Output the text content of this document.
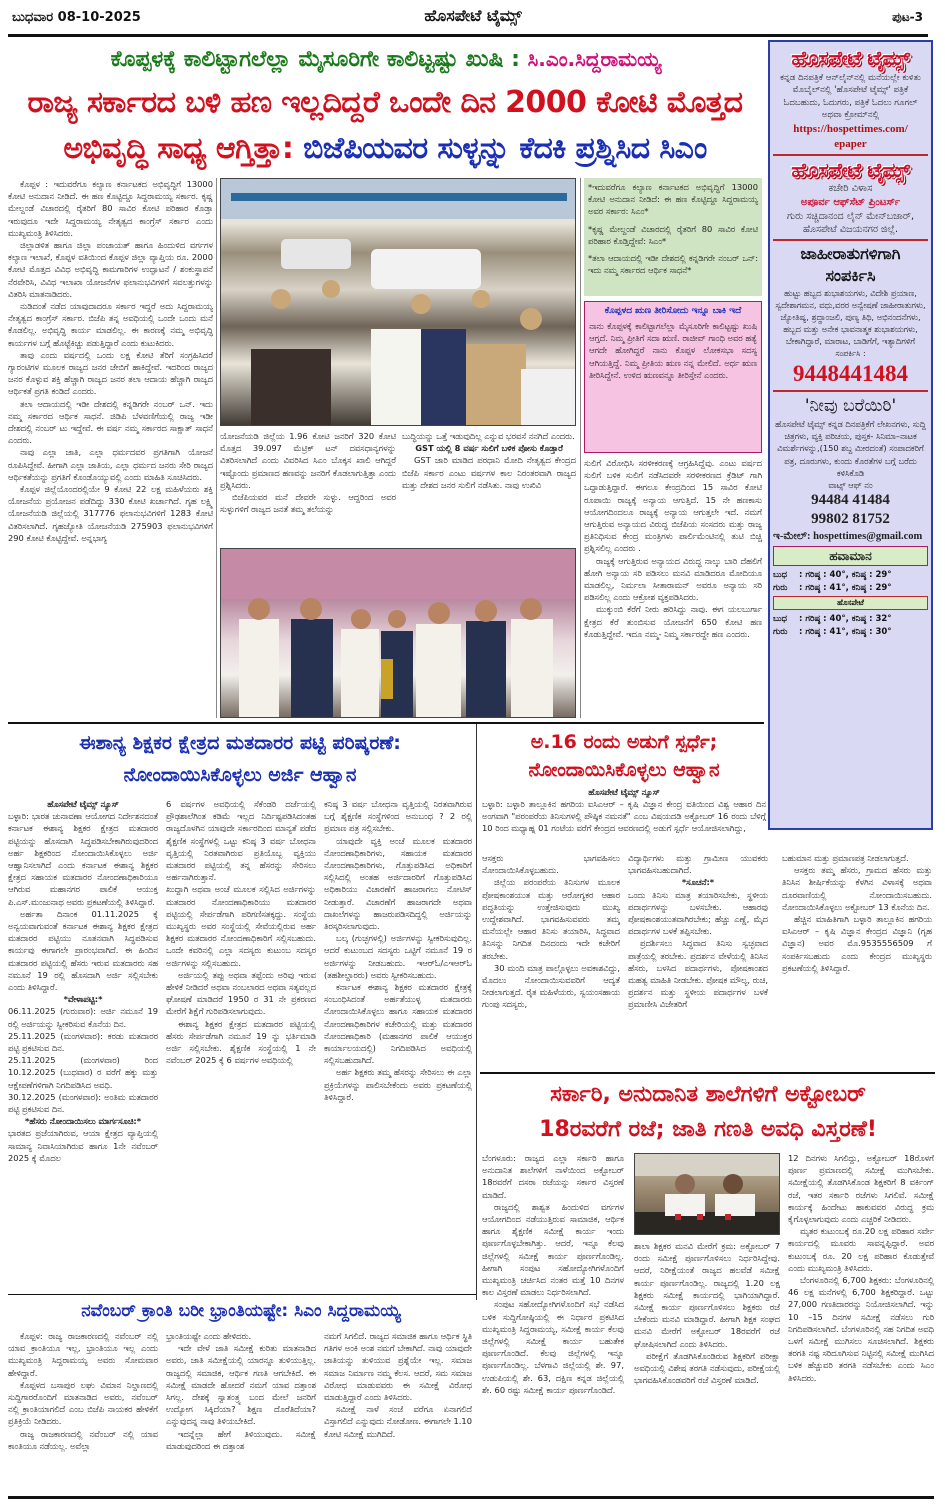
ಬುಧವಾರ 08-10-2025	ಹೊಸಪೇಟೆ ಟೈಮ್ಸ್	ಪುಟ-3
ಕೊಪ್ಪಳಕ್ಕೆ ಕಾಲಿಟ್ಟಾಗಲೆಲ್ಲಾ ಮೈಸೂರಿಗೇ ಕಾಲಿಟ್ಟಷ್ಟು ಖುಷಿ : ಸಿ.ಎಂ.ಸಿದ್ದರಾಮಯ್ಯ
ರಾಜ್ಯ ಸರ್ಕಾರದ ಬಳಿ ಹಣ ಇಲ್ಲದಿದ್ದರೆ ಒಂದೇ ದಿನ 2000 ಕೋಟಿ ಮೊತ್ತದ
ಅಭಿವೃದ್ಧಿ ಸಾಧ್ಯ ಆಗ್ತಿತ್ತಾ: ಬಿಜೆಪಿಯವರ ಸುಳ್ಳನ್ನು ಕೆದಕಿ ಪ್ರಶ್ನಿಸಿದ ಸಿಎಂ

ಕೊಪ್ಪಳ : ಇದುವರೆಗೂ ಕಲ್ಯಾಣ ಕರ್ನಾಟಕದ ಅಭಿವೃದ್ಧಿಗೆ 13000 ಕೋಟಿ ಅನುದಾನ ನೀಡಿದೆ. ಈ ಹಣ ಕೊಟ್ಟಿದ್ದೂ ಸಿದ್ದರಾಮಯ್ಯ ಸರ್ಕಾರ. ಕೃಷ್ಣ ಮೇಲ್ದಂಡೆ ವಿಚಾರದಲ್ಲಿ ರೈತರಿಗೆ 80 ಸಾವಿರ ಕೋಟಿ ಪರಿಹಾರ ಕೊಡ್ತಾ ಇರುವುದೂ ಇದೇ ಸಿದ್ದರಾಮಯ್ಯ ನೇತೃತ್ವದ ಕಾಂಗ್ರೆಸ್ ಸರ್ಕಾರ ಎಂದು ಮುಖ್ಯಮಂತ್ರಿ ತಿಳಿಸಿದರು.

ಜಿಲ್ಲಾಡಳಿತ ಹಾಗೂ ಜಿಲ್ಲಾ ಪಂಚಾಯತ್ ಹಾಗೂ ಹಿಂದುಳಿದ ವರ್ಗಗಳ ಕಲ್ಯಾಣ ಇಲಾಖೆ, ಕೊಪ್ಪಳ ವತಿಯಿಂದ ಕೊಪ್ಪಳ ಜಿಲ್ಲಾ ವ್ಯಾಪ್ತಿಯ ರೂ. 2000 ಕೋಟಿ ಮೊತ್ತದ ವಿವಿಧ ಅಭಿವೃದ್ಧಿ ಕಾಮಗಾರಿಗಳ ಉದ್ಘಾಟನೆ / ಶಂಕುಸ್ಥಾಪನೆ ನೆರವೇರಿಸಿ, ವಿವಿಧ ಇಲಾಖಾ ಯೋಜನೆಗಳ ಫಲಾನುಭವಿಗಳಿಗೆ ಸವಲತ್ತುಗಳನ್ನು ವಿತರಿಸಿ ಮಾತನಾಡಿದರು.

ನುಡಿದಂತೆ ನಡೆದ ಯಾವುದಾದರೂ ಸರ್ಕಾರ ಇದ್ದರೆ ಅದು ಸಿದ್ದರಾಮಯ್ಯ ನೇತೃತ್ವದ ಕಾಂಗ್ರೆಸ್ ಸರ್ಕಾರ. ಬಿಜೆಪಿ ತನ್ನ ಅವಧಿಯಲ್ಲಿ ಒಂದೇ ಒಂದು ಮನೆ ಕೊಡಲಿಲ್ಲ. ಅಭಿವೃದ್ಧಿ ಕಾರ್ಯ ಮಾಡಲಿಲ್ಲ. ಈ ಕಾರಣಕ್ಕೆ ನಮ್ಮ ಅಭಿವೃದ್ಧಿ ಕಾರ್ಯಗಳ ಬಗ್ಗೆ ಹೊಟ್ಟೆಕಿಚ್ಚು ಪಡುತ್ತಿದ್ದಾರೆ ಎಂದು ಕುಟುಕಿದರು.

ತಾವು ಎಂದು ವರ್ಷದಲ್ಲಿ ಒಂದು ಲಕ್ಷ ಕೋಟಿ ತೆರಿಗೆ ಸಂಗ್ರಹಿಸಿದರೆ ಗ್ಯಾರಂಟಿಗಳ ಮೂಲಕ ರಾಜ್ಯದ ಜನರ ಜೇಬಿಗೆ ಹಾಕಿದ್ದೇವೆ. ಇದರಿಂದ ರಾಜ್ಯದ ಜನರ ಕೊಳ್ಳುವ ಶಕ್ತಿ ಹೆಚ್ಚಾಗಿ ರಾಜ್ಯದ ಜನರ ತಲಾ ಆದಾಯ ಹೆಚ್ಚಾಗಿ ರಾಜ್ಯದ ಆರ್ಥಿಕತೆ ಪ್ರಗತಿ ಕಂಡಿದೆ ಎಂದರು.

ತಲಾ ಆದಾಯದಲ್ಲಿ ಇಡೀ ದೇಶದಲ್ಲಿ ಕನ್ನಡಿಗರೇ ನಂಬರ್ ಒನ್. ಇದು ನಮ್ಮ ಸರ್ಕಾರದ ಆರ್ಥಿಕ ಸಾಧನೆ. ಜಿಡಿಪಿ ಬೆಳವಣಿಗೆಯಲ್ಲಿ ರಾಜ್ಯ ಇಡೀ ದೇಶದಲ್ಲಿ ನಂಬರ್ ಟು ಇದ್ದೇವೆ. ಈ ವರ್ಷ ನಮ್ಮ ಸರ್ಕಾರದ ಸಾಕ್ಷಾತ್ ಸಾಧನೆ ಎಂದರು.

ನಾವು ಎಲ್ಲಾ ಜಾತಿ, ಎಲ್ಲಾ ಧರ್ಮದವರ ಪ್ರಗತಿಗಾಗಿ ಯೋಜನೆ ರೂಪಿಸಿದ್ದೇವೆ. ಹೀಗಾಗಿ ಎಲ್ಲಾ ಜಾತಿಯ, ಎಲ್ಲಾ ಧರ್ಮದ ಜನರು ಸೇರಿ ರಾಜ್ಯದ ಆರ್ಥಿಕತೆಯನ್ನು ಪ್ರಗತಿಗೆ ಕೊಂಡೊಯ್ಯುವಲ್ಲಿ ಎಂದು ಮಾಹಿತಿ ಸೂಚಿಸಿದರು.

ಕೊಪ್ಪಳ ಜಿಲ್ಲೆಯೊಂದರಲ್ಲಿಯೇ 9 ಕೋಟಿ 22 ಲಕ್ಷ ಮಹಿಳೆಯರು ಶಕ್ತಿ ಯೋಜನೆಯ ಪ್ರಯೋಜನ ಪಡೆದಿದ್ದು 330 ಕೋಟಿ ಖರ್ಚಾಗಿದೆ. ಗೃಹ ಲಕ್ಷ್ಮಿ ಯೋಜನೆಯಡಿ ಜಿಲ್ಲೆಯಲ್ಲಿ 317776 ಫಲಾನುಭವಿಗಳಿಗೆ 1283 ಕೋಟಿ ವಿತರಿಸಲಾಗಿದೆ. ಗೃಹಜ್ಯೋತಿ ಯೋಜನೆಯಡಿ 275903 ಫಲಾನುಭವಿಗಳಿಗೆ 290 ಕೋಟಿ ಕೊಟ್ಟಿದ್ದೇವೆ. ಅನ್ನಭಾಗ್ಯ

ಯೋಜನೆಯಡಿ ಜಿಲ್ಲೆಯ 1.96 ಕೋಟಿ ಜನರಿಗೆ 320 ಕೋಟಿ ಮೊತ್ತದ 39.097 ಮೆಟ್ರಿಕ್ ಟನ್ ದವಸಧಾನ್ಯಗಳನ್ನು ವಿತರಿಸಲಾಗಿದೆ ಎಂದು ವಿವರಿಸಿದ ಸಿಎಂ ಬೊಕ್ಕಸ ಖಾಲಿ ಆಗಿದ್ದರೆ ಇಷ್ಟೊಂದು ಪ್ರಮಾಣದ ಹಣವನ್ನು ಜನರಿಗೆ ಕೊಡಲಾಗುತ್ತಿತ್ತಾ ಎಂದು ಪ್ರಶ್ನಿಸಿದರು.

ಬಿಜೆಪಿಯವರ ಮನೆ ದೇವರೇ ಸುಳ್ಳು. ಆದ್ದರಿಂದ ಅವರ ಸುಳ್ಳುಗಳಿಗೆ ರಾಜ್ಯದ ಜನತೆ ತಮ್ಮ ತಲೆಯನ್ನು

ಬುದ್ಧಿಯನ್ನು ಒತ್ತೆ ಇಡುವುದಿಲ್ಲ ಎನ್ನುವ ಭರವಸೆ ನನಗಿದೆ ಎಂದರು.

GST ಯಲ್ಲಿ 8 ವರ್ಷ ಸುಲಿಗೆ ಬಳಿಕ ಪೋಸು ಕೊಡ್ತಾರೆ

GST ಜಾರಿ ಮಾಡಿದ ಪರಧಾನಿ ಮೋದಿ ನೇತೃತ್ವದ ಕೇಂದ್ರದ ಬಿಜೆಪಿ ಸರ್ಕಾರ ಎಂಟು ವರ್ಷಗಳ ಕಾಲ ನಿರಂತರವಾಗಿ ರಾಜ್ಯದ ಮತ್ತು ದೇಶದ ಜನರ ಸುಲಿಗೆ ನಡೆಸಿತು. ನಾವು ಉಖಿವಿ

*ಇದುವರೆಗೂ ಕಲ್ಯಾಣ ಕರ್ನಾಟಕದ ಅಭಿವೃದ್ಧಿಗೆ 13000 ಕೋಟಿ ಅನುದಾನ ನೀಡಿದೆ: ಈ ಹಣ ಕೊಟ್ಟಿದ್ದೂ ಸಿದ್ದರಾಮಯ್ಯ ಅವರ ಸರ್ಕಾರ: ಸಿಎಂ*

*ಕೃಷ್ಣ ಮೇಲ್ದಂಡೆ ವಿಚಾರದಲ್ಲಿ ರೈತರಿಗೆ 80 ಸಾವಿರ ಕೋಟಿ ಪರಿಹಾರ ಕೊಡ್ತಿದ್ದೇವೆ: ಸಿಎಂ*

*ತಲಾ ಆದಾಯದಲ್ಲಿ ಇಡೀ ದೇಶದಲ್ಲಿ ಕನ್ನಡಿಗರೇ ನಂಬರ್ ಒನ್: ಇದು ನಮ್ಮ ಸರ್ಕಾರದ ಆರ್ಥಿಕ ಸಾಧನೆ*

ಕೊಪ್ಪಳದ ಋಣ ತೀರಿಸೋದು ಇನ್ನೂ ಬಾಕಿ ಇದೆ

ನಾನು ಕೊಪ್ಪಳಕ್ಕೆ ಕಾಲಿಟ್ಟಾಗಲೆಲ್ಲಾ ಮೈಸೂರಿಗೇ ಕಾಲಿಟ್ಟಷ್ಟು ಖುಷಿ ಆಗ್ತದೆ. ನಿಮ್ಮ ಪ್ರೀತಿಗೆ ಸದಾ ಋಣಿ. ರಾಜೀವ್ ಗಾಂಧಿ ಅವರ ಹತ್ಯೆ ಆಗದೇ ಹೋಗಿದ್ದರೆ ನಾನು ಕೊಪ್ಪಳ ಲೋಕಸಭಾ ಸದಸ್ಯ ಆಗಿಯತ್ತಿದ್ದೆ. ನಿಮ್ಮ ಪ್ರೀತಿಯ ಋಣ ನನ್ನ ಮೇಲಿದೆ. ಅರ್ಧ ಋಣ ತೀರಿಸಿದ್ದೇನೆ. ಉಳಿದ ಋಣವನ್ನೂ ತೀರಿಸ್ತೇನೆ ಎಂದರು.

ಸುಲಿಗೆ ವಿರೋಧಿಸಿ ಸರಳೀಕರಣಕ್ಕೆ ಆಗ್ರಹಿಸಿದ್ದೆವು. ಎಂಟು ವರ್ಷದ ಸುಲಿಗೆ ಬಳಿಕ ಸುಲಿಗೆ ನಡೆಸಿದವರೇ ಸರಳೀಕರಣದ ಕ್ರೆಡಿಟ್ ಗಾಗಿ ಒದ್ದಾಡುತ್ತಿದ್ದಾರೆ. ಈಗಲೂ ಕೇಂದ್ರದಿಂದ 15 ಸಾವಿರ ಕೋಟಿ ರೂಪಾಯಿ ರಾಜ್ಯಕ್ಕೆ ಅನ್ಯಾಯ ಆಗುತ್ತಿದೆ. 15 ನೇ ಹಣಕಾಸು ಆಯೋಗದಿಂದಲೂ ರಾಜ್ಯಕ್ಕೆ ಅನ್ಯಾಯ ಆಗುತ್ತಲೇ ಇದೆ. ನಮಗೆ ಆಗುತ್ತಿರುವ ಅನ್ಯಾಯದ ವಿರುದ್ಧ ಬಿಜೆಪಿಯ ಸಂಸದರು ಮತ್ತು ರಾಜ್ಯ ಪ್ರತಿನಿಧಿಸುವ ಕೇಂದ್ರ ಮಂತ್ರಿಗಳು ಪಾರ್ಲಿಮೆಂಟಿನಲ್ಲಿ ತುಟಿ ಬಿಚ್ಚಿ ಪ್ರಶ್ನಿಸಲಿಲ್ಲ ಎಂದರು .

ರಾಜ್ಯಕ್ಕೆ ಆಗುತ್ತಿರುವ ಅನ್ಯಾಯದ ವಿರುದ್ಧ ನಾಲ್ಕು ಬಾರಿ ದೆಹಲಿಗೆ ಹೋಗಿ ಅನ್ಯಾಯ ಸರಿ ಪಡಿಸಲು ಮನವಿ ಮಾಡಿದರೂ ಮೋದಿಯೂ ಮಾಡಲಿಲ್ಲ, ನಿರ್ಮಲಾ ಸೀತಾರಾಮನ್ ಅವರೂ ಅನ್ಯಾಯ ಸರಿ ಪಡಿಸಲಿಲ್ಲ ಎಂದು ಆಕ್ರೋಶ ವ್ಯಕ್ತಪಡಿಸಿದರು.

ಮುಕ್ಕುಂಬಿ ಕೆರೆಗೆ ನೀರು ಹರಿಸಿದ್ದು ನಾವು. ಈಗ ಯಲಬುರ್ಗಾ ಕ್ಷೇತ್ರದ ಕೆರೆ ತುಂಬಿಸುವ ಯೋಜನೆಗೆ 650 ಕೋಟಿ ಹಣ ಕೊಡುತ್ತಿದ್ದೇವೆ. ಇದೂ ನಮ್ಮ- ನಿಮ್ಮ ಸರ್ಕಾರದ್ದೇ ಹಣ ಎಂದರು.

ಹೊಸಪೇಟೆ ಟೈಮ್ಸ್
ಕನ್ನಡ ದಿನಪತ್ರಿಕೆ ಆನ್‌ಲೈನ್‌ನಲ್ಲಿ ಮನೆಯಲ್ಲೇ ಕುಳಿತು ಮೊಬೈಲ್‌ನಲ್ಲಿ 'ಹೊಸಪೇಟೆ ಟೈಮ್ಸ್' ಪತ್ರಿಕೆ ಓದಬಹುದು, ಓದುಗರು, ಪತ್ರಿಕೆ ಓದಲು ಗೂಗಲ್ ಅಥವಾ ಕ್ರೋಮ್‌ನಲ್ಲಿ
https://hospettimes.com/
epaper
ಹೊಸಪೇಟೆ ಟೈಮ್ಸ್
ಕಚೇರಿ ವಿಳಾಸ
ಅಪೂರ್ವ ಆಫ್‌ಸೆಟ್ ಪ್ರಿಂಟರ್ಸ್
ಗುರು ಸಚ್ಚಿದಾನಂದ ಲೈನ್ ಮೇನ್‌ಬಜಾರ್, ಹೊಸಪೇಟೆ ವಿಜಯನಗರ ಜಿಲ್ಲೆ.
ಜಾಹೀರಾತುಗಳಿಗಾಗಿ
ಸಂಪರ್ಕಿಸಿ
ಹುಟ್ಟು ಹಬ್ಬದ ಶುಭಾಶಯಗಳು, ವಿದೇಶಿ ಪ್ರಯಾಣ, ಸ್ವದೇಶಾಗಮನ, ವಧು,ವರರ ಅನ್ವೇಷಣೆ ಜಾಹೀರಾತುಗಳು, ಜ್ಯೋತಿಷ್ಯ, ಶ್ರದ್ಧಾಂಜಲಿ, ಪುಣ್ಯ ತಿಥಿ, ಅಭಿನಂದನೆಗಳು, ಹಬ್ಬದ ಮತ್ತು ಅನೇಕ ಭಾವನಾತ್ಮಕ ಶುಭಾಶಯಗಳು, ಬೇಕಾಗಿದ್ದಾರೆ, ಮಾರಾಟ, ಬಾಡಿಗೆಗೆ, ಇತ್ಯಾದಿಗಳಿಗೆ
ಸಂಪರ್ಕಿಸಿ :
9448441484
'ನೀವು ಬರೆಯಿರಿ'
ಹೊಸಪೇಟೆ ಟೈಮ್ಸ್ ಕನ್ನಡ ದಿನಪತ್ರಿಕೆಗೆ ಲೇಖನಗಳು, ಸುದ್ದಿ ಚಿತ್ರಗಳು, ವ್ಯಕ್ತಿ ಪರಿಚಯ, ಪುಸ್ತಕ- ಸಿನಿಮಾ–ನಾಟಕ ವಿಮರ್ಶೆಗಳನ್ನು,(150 ಶಬ್ದ ಮೀರದಂತೆ) ಸಂಪಾದಕರಿಗೆ ಪತ್ರ, ದೂರುಗಳು, ಕುಂದು ಕೊರತೆಗಳ ಬಗ್ಗೆ ಬರೆದು ಕಳಿಸಿಕೊಡಿ
ವಾಟ್ಸ್ ಆಫ್ ನಂ
94484 41484
99802 81752
ಇ-ಮೇಲ್: hospettimes@gmail.com
ಹವಾಮಾನ
ಬುಧ : ಗರಿಷ್ಠ : 40°, ಕನಿಷ್ಠ : 29°
ಗುರು : ಗರಿಷ್ಠ : 41°, ಕನಿಷ್ಠ : 29°
ಹೊಸಪೇಟೆ
ಬುಧ : ಗರಿಷ್ಠ : 40°, ಕನಿಷ್ಠ : 32°
ಗುರು : ಗರಿಷ್ಠ : 41°, ಕನಿಷ್ಠ : 30°
ಈಶಾನ್ಯ ಶಿಕ್ಷಕರ ಕ್ಷೇತ್ರದ ಮತದಾರರ ಪಟ್ಟಿ ಪರಿಷ್ಕರಣೆ:
ನೋಂದಾಯಿಸಿಕೊಳ್ಳಲು ಅರ್ಜಿ ಆಹ್ವಾನ

ಹೊಸಪೇಟೆ ಟೈಮ್ಸ್ ನ್ಯೂಸ್

ಬಳ್ಳಾರಿ: ಭಾರತ ಚುನಾವಣಾ ಆಯೋಗದ ನಿರ್ದೇಶನದಂತೆ ಕರ್ನಾಟಕ ಈಶಾನ್ಯ ಶಿಕ್ಷಕರ ಕ್ಷೇತ್ರದ ಮತದಾರರ ಪಟ್ಟಿಯನ್ನು ಹೊಸದಾಗಿ ಸಿದ್ಧಪಡಿಸಬೇಕಾಗಿರುವುದರಿಂದ ಅರ್ಹ ಶಿಕ್ಷಕರಿಂದ ನೋಂದಾಯಿಸಿಕೊಳ್ಳಲು ಅರ್ಜಿ ಆಹ್ವಾನಿಸಲಾಗಿದೆ ಎಂದು ಕರ್ನಾಟಕ ಈಶಾನ್ಯ ಶಿಕ್ಷಕರ ಕ್ಷೇತ್ರದ ಸಹಾಯಕ ಮತದಾರರ ನೋಂದಣಾಧಿಕಾರಿಯೂ ಆಗಿರುವ ಮಹಾನಗರ ಪಾಲಿಕೆ ಆಯುಕ್ತ ಪಿ.ಎಸ್.ಮಂಜುನಾಥ ಅವರು ಪ್ರಕಟಣೆಯಲ್ಲಿ ತಿಳಿಸಿದ್ದಾರೆ.

ಅರ್ಹತಾ ದಿನಾಂಕ 01.11.2025 ಕ್ಕೆ ಅನ್ವಯವಾಗುವಂತೆ ಕರ್ನಾಟಕ ಈಶಾನ್ಯ ಶಿಕ್ಷಕರ ಕ್ಷೇತ್ರದ ಮತದಾರರ ಪಟ್ಟಿಯು ನೂತನವಾಗಿ ಸಿದ್ಧಪಡಿಸುವ ಕಾರ್ಯವು ಈಗಾಗಲೇ ಪ್ರಾರಂಭವಾಗಿದೆ. ಈ ಹಿಂದಿನ ಮತದಾರರ ಪಟ್ಟಿಯಲ್ಲಿ ಹೆಸರು ಇರುವ ಮತದಾರರು ಸಹ ನಮೂನೆ 19 ರಲ್ಲಿ ಹೊಸದಾಗಿ ಅರ್ಜಿ ಸಲ್ಲಿಸಬೇಕು ಎಂದು ತಿಳಿಸಿದ್ದಾರೆ.

*ವೇಳಾಪಟ್ಟಿ:*

06.11.2025 (ಗುರುವಾರ): ಅರ್ಜಿ ನಮೂನೆ 19 ರಲ್ಲಿ ಅರ್ಜಿಯನ್ನು ಸ್ವೀಕರಿಸುವ ಕೊನೆಯ ದಿನ.

25.11.2025 (ಮಂಗಳವಾರ): ಕರಡು ಮತದಾರರ ಪಟ್ಟಿ ಪ್ರಕಟಿಸುವ ದಿನ.

25.11.2025 (ಮಂಗಳವಾರ) ರಿಂದ 10.12.2025 (ಬುಧವಾರ) ರ ವರೆಗೆ ಹಕ್ಕು ಮತ್ತು ಆಕ್ಷೇಪಣೆಗಳಿಗಾಗಿ ನಿಗದಿಪಡಿಸಿದ ಅವಧಿ.

30.12.2025 (ಮಂಗಳವಾರ): ಅಂತಿಮ ಮತದಾರರ ಪಟ್ಟಿ ಪ್ರಕಟಿಸುವ ದಿನ.

*ಹೆಸರು ನೋಂದಾಯಿಸಲು ಮಾರ್ಗಸೂಚಿ:*

ಭಾರತದ ಪ್ರಜೆಯಾಗಿರುವ, ಆಯಾ ಕ್ಷೇತ್ರದ ವ್ಯಾಪ್ತಿಯಲ್ಲಿ ಸಾಮಾನ್ಯ ನಿವಾಸಿಯಾಗಿರುವ ಹಾಗೂ 1ನೇ ನವೆಂಬರ್ 2025 ಕ್ಕೆ ಮೊದಲ

6 ವರ್ಷಗಳ ಅವಧಿಯಲ್ಲಿ ಸೆಕೆಂಡರಿ ದರ್ಜೆಯಲ್ಲಿ ಪ್ರೌಢಶಾಲೆಗಿಂತ ಕಡಿಮೆ ಇಲ್ಲದ ನಿರ್ದಿಷ್ಟಪಡಿಸಿದಂತಹ ರಾಜ್ಯದೊಳಗಿನ ಯಾವುದೇ ಸರ್ಕಾರದಿಂದ ಮಾನ್ಯತೆ ಪಡೆದ ಶೈಕ್ಷಣಿಕ ಸಂಸ್ಥೆಗಳಲ್ಲಿ ಒಟ್ಟು ಕನಿಷ್ಠ 3 ವರ್ಷ ಬೋಧನಾ ವೃತ್ತಿಯಲ್ಲಿ ನಿರತವಾಗಿರುವ ಪ್ರತಿಯೊಬ್ಬ ವ್ಯಕ್ತಿಯು ಮತದಾರರ ಪಟ್ಟಿಯಲ್ಲಿ ತನ್ನ ಹೆಸರನ್ನು ಸೇರಿಸಲು ಅರ್ಹನಾಗಿರುತ್ತಾನೆ.

ಖುದ್ದಾಗಿ ಅಥವಾ ಅಂಚೆ ಮೂಲಕ ಸಲ್ಲಿಸಿದ ಅರ್ಜಿಗಳನ್ನು ಮತದಾರರ ನೋಂದಣಾಧಿಕಾರಿಯು ಮತದಾರರ ಪಟ್ಟಿಯಲ್ಲಿ ಸೇರ್ಪಡೆಗಾಗಿ ಪರಿಗಣಿಸತಕ್ಕದ್ದು. ಸಂಸ್ಥೆಯ ಮುಖ್ಯಸ್ಥರು ಅವರ ಸಂಸ್ಥೆಯಲ್ಲಿ ಸೇವೆಯಲ್ಲಿರುವ ಅರ್ಹ ಶಿಕ್ಷಕರ ಮತದಾರರ ನೋಂದಣಾಧಿಕಾರಿಗೆ ಸಲ್ಲಿಸಬಹುದು. ಒಂದೇ ಕವರಿನಲ್ಲಿ ಎಲ್ಲಾ ಸದಸ್ಯರು ಕುಟುಂಬ ಸದಸ್ಯರ ಅರ್ಜಿಗಳನ್ನು ಸಲ್ಲಿಸಬಹುದು.

ಅರ್ಜಿಯಲ್ಲಿ ತಪ್ಪು ಅಥವಾ ತಪ್ಪೆಂದು ಅರಿವು ಇರುವ ಹೇಳಿಕೆ ನೀಡಿದರೆ ಅಥವಾ ನಂಬಲಾರದ ಅಥವಾ ಸತ್ಯವಲ್ಲದ ಘೋಷಣೆ ಮಾಡಿದರೆ 1950 ರ 31 ನೇ ಪ್ರಕರಣದ ಮೇರೆಗೆ ಶಿಕ್ಷೆಗೆ ಗುರಿಪಡಿಸಲಾಗುವುದು.

ಈಶಾನ್ಯ ಶಿಕ್ಷಕರ ಕ್ಷೇತ್ರದ ಮತದಾರರ ಪಟ್ಟಿಯಲ್ಲಿ ಹೆಸರು ಸೇರ್ಪಡೆಗಾಗಿ ನಮೂನೆ 19 ನ್ನು ಭರ್ತಿಮಾಡಿ ಅರ್ಜಿ ಸಲ್ಲಿಸಬೇಕು. ಶೈಕ್ಷಣಿಕ ಸಂಸ್ಥೆಯಲ್ಲಿ 1 ನೇ ನವೆಂಬರ್ 2025 ಕ್ಕೆ 6 ವರ್ಷಗಳ ಅವಧಿಯಲ್ಲಿ

ಕನಿಷ್ಠ 3 ವರ್ಷ ಬೋಧನಾ ವೃತ್ತಿಯಲ್ಲಿ ನಿರತವಾಗಿರುವ ಬಗ್ಗೆ ಶೈಕ್ಷಣಿಕ ಸಂಸ್ಥೆಗಳಿಂದ ಅನುಬಂಧ ? 2 ರಲ್ಲಿ ಪ್ರಮಾಣ ಪತ್ರ ಸಲ್ಲಿಸಬೇಕು.

ಯಾವುದೇ ವ್ಯಕ್ತಿ ಅಂಚೆ ಮೂಲಕ ಮತದಾರರ ನೋಂದಣಾಧಿಕಾರಿಗಳು, ಸಹಾಯಕ ಮತದಾರರ ನೋಂದಣಾಧಿಕಾರಿಗಳು, ಗೊತ್ತುಪಡಿಸಿದ ಅಧಿಕಾರಿಗೆ ಸಲ್ಲಿಸಿದಲ್ಲಿ ಅಂತಹ ಅರ್ಜಿದಾರರಿಗೆ ಗೊತ್ತುಪಡಿಸಿದ ಅಧಿಕಾರಿಯು ವಿಚಾರಣೆಗೆ ಹಾಜರಾಗಲು ನೋಟಿಸ್ ನೀಡುತ್ತಾರೆ. ವಿಚಾರಣೆಗೆ ಹಾಜರಾಗದೇ ಅಥವಾ ದಾಖಲೆಗಳನ್ನು ಹಾಜರುಪಡಿಸದಿದ್ದಲ್ಲಿ ಅರ್ಜಿಯನ್ನು ತಿರಸ್ಕರಿಸಲಾಗುವುದು.

ಬಲ್ಕ (ಗುಚ್ಛಗಳಲ್ಲಿ) ಅರ್ಜಿಗಳನ್ನು ಸ್ವೀಕರಿಸುವುದಿಲ್ಲ. ಆದರೆ ಕುಟುಂಬದ ಸದಸ್ಯರು ಒಟ್ಟಿಗೆ ನಮೂನೆ 19 ರ ಅರ್ಜಿಗಳನ್ನು ನೀಡಬಹುದು. ಇಆರ್‌ಓ/ಎಇಆರ್‌ಓ (ತಹಶೀಲ್ದಾರರು) ಅವರು ಸ್ವೀಕರಿಸಬಹುದು.

ಕರ್ನಾಟಕ ಈಶಾನ್ಯ ಶಿಕ್ಷಕರ ಮತದಾರರ ಕ್ಷೇತ್ರಕ್ಕೆ ಸಂಬಂಧಿಸಿದಂತೆ ಅರ್ಹತೆಯುಳ್ಳ ಮತದಾರರು ನೋಂದಾಯಿಸಿಕೊಳ್ಳಲು ಹಾಗೂ ಸಹಾಯಕ ಮತದಾರರ ನೋಂದಣಾಧಿಕಾರಿಗಳ ಕಚೇರಿಯಲ್ಲಿ ಮತ್ತು ಮತದಾರರ ನೋಂದಣಾಧಿಕಾರಿ (ಮಹಾನಗರ ಪಾಲಿಕೆ ಆಯುಕ್ತರ ಕಾರ್ಯಾಲಯದಲ್ಲಿ) ನಿಗದಿಪಡಿಸಿದ ಅವಧಿಯಲ್ಲಿ ಸಲ್ಲಿಸಬಹುದಾಗಿದೆ.

ಅರ್ಹ ಶಿಕ್ಷಕರು ತಮ್ಮ ಹೆಸರನ್ನು ಸೇರಿಸಲು ಈ ಎಲ್ಲಾ ಪ್ರಕ್ರಿಯೆಗಳನ್ನು ಪಾಲಿಸಬೇಕೆಂದು ಅವರು ಪ್ರಕಟಣೆಯಲ್ಲಿ ತಿಳಿಸಿದ್ದಾರೆ.

ಅ.16 ರಂದು ಅಡುಗೆ ಸ್ಪರ್ಧೆ;
ನೋಂದಾಯಿಸಿಕೊಳ್ಳಲು ಆಹ್ವಾನ
ಹೊಸಪೇಟೆ ಟೈಮ್ಸ್ ನ್ಯೂಸ್
ಬಳ್ಳಾರಿ: ಬಳ್ಳಾರಿ ತಾಲ್ಲೂಕಿನ ಹಗರಿಯ ಐಸಿಎಆರ್ – ಕೃಷಿ ವಿಜ್ಞಾನ ಕೇಂದ್ರ ವತಿಯಿಂದ ವಿಶ್ವ ಆಹಾರ ದಿನ ಅಂಗವಾಗಿ "ಪರಂಪರೆಯ ತಿನಿಸುಗಳಲ್ಲಿ ಪೌಷ್ಠಿಕ ನಮನತೆ" ಎಂಬ ವಿಷಯದಡಿ ಅಕ್ಟೋಬರ್ 16 ರಂದು ಬೆಳಿಗ್ಗೆ 10 ರಿಂದ ಮಧ್ಯಾಹ್ನ 01 ಗಂಟೆಯ ವರೆಗೆ ಕೇಂದ್ರದ ಆವರಣದಲ್ಲಿ ಅಡುಗೆ ಸ್ಪರ್ಧೆ ಆಯೋಜಿಸಲಾಗಿದ್ದು,

ಆಸಕ್ತರು ಭಾಗವಹಿಸಲು ನೋಂದಾಯಿಸಿಕೊಳ್ಳಬಹುದು.

ಜಿಲ್ಲೆಯ ಪರಂಪರೆಯ ತಿನಿಸುಗಳ ಮೂಲಕ ಪೋಷಕಾಂಶಯುತ ಮತ್ತು ಆರೋಗ್ಯಕರ ಆಹಾರ ಪದ್ಧತಿಯನ್ನು ಉತ್ತೇಜಿಸುವುದು ಮುಖ್ಯ ಉದ್ದೇಶವಾಗಿದೆ. ಭಾಗವಹಿಸುವವರು ತಮ್ಮ ಮನೆಯಲ್ಲೇ ಆಹಾರ ತಿನಿಸು ತಯಾರಿಸಿ, ಸಿದ್ಧವಾದ ತಿನಿಸನ್ನು ನಿಗದಿತ ದಿನದಂದು ಇದೇ ಕಚೇರಿಗೆ ತರಬೇಕು.

30 ಮಂದಿ ಮಾತ್ರ ಪಾಲ್ಗೊಳ್ಳಲು ಅವಕಾಶವಿದ್ದು, ಮೊದಲು ನೋಂದಾಯಿಸುವವರಿಗೆ ಆದ್ಯತೆ ನೀಡಲಾಗುತ್ತದೆ. ರೈತ ಮಹಿಳೆಯರು, ಸ್ವಯಂಸಹಾಯ ಗುಂಪು ಸದಸ್ಯರು,

ವಿದ್ಯಾರ್ಥಿಗಳು ಮತ್ತು ಗ್ರಾಮೀಣ ಯುವಕರು ಭಾಗವಹಿಸಬಹುದಾಗಿದೆ.

*ಸೂಚನೆ:*

ಒಂದು ತಿನಿಸು ಮಾತ್ರ ತಯಾರಿಸಬೇಕು, ಸ್ಥಳೀಯ ಪದಾರ್ಥಗಳನ್ನು ಬಳಸಬೇಕು. ಆಹಾರವು ಪೋಷಕಾಂಶಯುತವಾಗಿರಬೇಕು; ಹೆಚ್ಚು ಎಣ್ಣೆ, ಮೈದ ಪದಾರ್ಥಗಳ ಬಳಕೆ ತಪ್ಪಿಸಬೇಕು.

ಪ್ರದರ್ಶಿಸಲು ಸಿದ್ಧವಾದ ತಿನಿಸು ಸ್ವಚ್ಛವಾದ ಪಾತ್ರೆಯಲ್ಲಿ ತರಬೇಕು. ಪ್ರದರ್ಶನ ವೇಳೆಯಲ್ಲಿ ತಿನಿಸಿನ ಹೆಸರು, ಬಳಸಿದ ಪದಾರ್ಥಗಳು, ಪೋಷಕಾಂಶದ ಮಹತ್ವ ಮಾಹಿತಿ ನೀಡಬೇಕು. ಪೋಷಕ ಮೌಲ್ಯ, ರುಚಿ, ಪ್ರದರ್ಶನ ಮತ್ತು ಸ್ಥಳೀಯ ಪದಾರ್ಥಗಳ ಬಳಕೆ ಪ್ರಮಾಣೀಸಿ ವಿಜೇತರಿಗೆ

ಬಹುಮಾನ ಮತ್ತು ಪ್ರಮಾಣಪತ್ರ ನೀಡಲಾಗುತ್ತದೆ.

ಆಸಕ್ತರು ತಮ್ಮ ಹೆಸರು, ಗ್ರಾಮದ ಹೆಸರು ಮತ್ತು ತಿನಿಸಿನ ಶೀರ್ಷಿಕೆಯನ್ನು ಕೆಳಗಿನ ವಿಳಾಸಕ್ಕೆ ಅಥವಾ ದೂರವಾಣಿಯಲ್ಲಿ ನೋಂದಾಯಿಸಬಹುದು. ನೋಂದಾಯಿಸಿಕೊಳ್ಳಲು ಅಕ್ಟೋಬರ್ 13 ಕೊನೆಯ ದಿನ.

ಹೆಚ್ಚಿನ ಮಾಹಿತಿಗಾಗಿ ಬಳ್ಳಾರಿ ತಾಲ್ಲೂಕಿನ ಹಗರಿಯ ಐಸಿಎಆರ್ – ಕೃಷಿ ವಿಜ್ಞಾನ ಕೇಂದ್ರದ ವಿಜ್ಞಾನಿ (ಗೃಹ ವಿಜ್ಞಾನ) ಅವರ ಮೊ.9535556509 ಗೆ ಸಂಪರ್ಕಿಸಬಹುದು ಎಂದು ಕೇಂದ್ರದ ಮುಖ್ಯಸ್ಥರು ಪ್ರಕಟಣೆಯಲ್ಲಿ ತಿಳಿಸಿದ್ದಾರೆ.

ಸರ್ಕಾರಿ, ಅನುದಾನಿತ ಶಾಲೆಗಳಿಗೆ ಅಕ್ಟೋಬರ್
18ರವರೆಗೆ ರಜೆ; ಜಾತಿ ಗಣತಿ ಅವಧಿ ವಿಸ್ತರಣೆ!

ಬೆಂಗಳೂರು: ರಾಜ್ಯದ ಎಲ್ಲಾ ಸರ್ಕಾರಿ ಹಾಗೂ ಅನುದಾನಿತ ಶಾಲೆಗಳಿಗೆ ನಾಳೆಯಿಂದ ಅಕ್ಟೋಬರ್ 18ರವರೆಗೆ ದಸರಾ ರಜೆಯನ್ನು ಸರ್ಕಾರ ವಿಸ್ತರಣೆ ಮಾಡಿದೆ.

ರಾಜ್ಯದಲ್ಲಿ ಶಾಶ್ವತ ಹಿಂದುಳಿದ ವರ್ಗಗಳ ಆಯೋಗದಿಂದ ನಡೆಯುತ್ತಿರುವ ಸಾಮಾಜಿಕ, ಆರ್ಥಿಕ ಹಾಗೂ ಶೈಕ್ಷಣಿಕ ಸಮೀಕ್ಷೆ ಕಾರ್ಯ ಇಂದು ಪೂರ್ಣಗೊಳ್ಳಬೇಕಾಗಿತ್ತು. ಆದರೆ, ಇನ್ನೂ ಕೆಲವು ಜಿಲ್ಲೆಗಳಲ್ಲಿ ಸಮೀಕ್ಷೆ ಕಾರ್ಯ ಪೂರ್ಣಗೊಂಡಿಲ್ಲ. ಹೀಗಾಗಿ ಸಂಪುಟ ಸಹೋದ್ಯೋಗಿಗಳೊಂದಿಗೆ ಮುಖ್ಯಮಂತ್ರಿ ಚರ್ಚಿಸಿದ ನಂತರ ಮತ್ತೆ 10 ದಿನಗಳ ಕಾಲ ವಿಸ್ತರಣೆ ಮಾಡಲು ನಿರ್ಧರಿಸಲಾಗಿದೆ.

ಸಂಪುಟ ಸಹೋದ್ಯೋಗಿಗಳೊಂದಿಗೆ ಸಭೆ ನಡೆಸಿದ ಬಳಿಕ ಸುದ್ದಿಗೋಷ್ಠಿಯಲ್ಲಿ ಈ ನಿರ್ಧಾರ ಪ್ರಕಟಿಸಿದ ಮುಖ್ಯಮಂತ್ರಿ ಸಿದ್ದರಾಮಯ್ಯ, ಸಮೀಕ್ಷೆ ಕಾರ್ಯ ಕೆಲವು ಜಿಲ್ಲೆಗಳಲ್ಲಿ ಸಮೀಕ್ಷೆ ಕಾರ್ಯ ಬಹುತೇಕ ಪೂರ್ಣಗೊಂಡಿದೆ. ಕೆಲವು ಜಿಲ್ಲೆಗಳಲ್ಲಿ ಇನ್ನೂ ಪೂರ್ಣಗೊಂಡಿಲ್ಲ. ಬೆಳಗಾವಿ ಜಿಲ್ಲೆಯಲ್ಲಿ ಶೇ. 97, ಉಡುಪಿಯಲ್ಲಿ ಶೇ. 63, ದಕ್ಷಿಣ ಕನ್ನಡ ಜಿಲ್ಲೆಯಲ್ಲಿ ಶೇ. 60 ರಷ್ಟು ಸಮೀಕ್ಷೆ ಕಾರ್ಯ ಪೂರ್ಣಗೊಂಡಿದೆ.

ಶಾಲಾ ಶಿಕ್ಷಕರ ಮನವಿ ಮೇರೆಗೆ ಕ್ರಮ: ಅಕ್ಟೋಬರ್ 7 ರಂದು ಸಮೀಕ್ಷೆ ಪೂರ್ಣಗೊಳಿಸಲು ನಿರ್ಧರಿಸಿದ್ದೇವು. ಆದರೆ, ನಿರೀಕ್ಷೆಯಂತೆ ರಾಜ್ಯದ ಹಲವೆಡೆ ಸಮೀಕ್ಷೆ ಕಾರ್ಯ ಪೂರ್ಣಗೊಂಡಿಲ್ಲ. ರಾಜ್ಯದಲ್ಲಿ 1.20 ಲಕ್ಷ ಶಿಕ್ಷಕರು ಸಮೀಕ್ಷೆ ಕಾರ್ಯದಲ್ಲಿ ಭಾಗಿಯಾಗಿದ್ದಾರೆ. ಸಮೀಕ್ಷೆ ಕಾರ್ಯ ಪೂರ್ಣಗೊಳಿಸಲು ಶಿಕ್ಷಕರು ರಜೆ ಬೇಕೆಂದು ಮನವಿ ಮಾಡಿದ್ದಾರೆ. ಹೀಗಾಗಿ ಶಿಕ್ಷಕ ಸಂಘದ ಮನವಿ ಮೇರೆಗೆ ಅಕ್ಟೋಬರ್ 18ರವರೆಗೆ ರಜೆ ಘೋಷಿಸಲಾಗಿದೆ ಎಂದು ತಿಳಿಸಿದರು.

ಪರೀಕ್ಷೆಗೆ ತೊಡಗಿಸಿಕೊಂಡಿರುವ ಶಿಕ್ಷಕರಿಗೆ ಪರೀಕ್ಷಾ ಅವಧಿಯಲ್ಲಿ ವಿಶೇಷ ತರಗತಿ ನಡೆಸುವುದು, ಪರೀಕ್ಷೆಯಲ್ಲಿ ಭಾಗವಹಿಸಿಕೊಂಡವರಿಗೆ ರಜೆ ವಿಸ್ತರಣೆ ಮಾಡಿದೆ.

12 ದಿನಗಳು ಸಿಗಲಿದ್ದು, ಅಕ್ಟೋಬರ್ 18ರೊಳಗೆ ಪೂರ್ಣ ಪ್ರಮಾಣದಲ್ಲಿ ಸಮೀಕ್ಷೆ ಮುಗಿಸಬೇಕು. ಸಮೀಕ್ಷೆಯಲ್ಲಿ ತೊಡಗಿಸಿಕೊಂಡ ಶಿಕ್ಷಕರಿಗೆ 8 ವರ್ಕಿಂಗ್ ರಜೆ, ಇತರ ಸರ್ಕಾರಿ ರಜೆಗಳು ಸಿಗಲಿವೆ. ಸಮೀಕ್ಷೆ ಕಾರ್ಯಕ್ಕೆ ಹಿಂದೇಟು ಹಾಕುವವರ ವಿರುದ್ಧ ಕ್ರಮ ಕೈಗೊಳ್ಳಲಾಗುವುದು ಎಂದು ಎಚ್ಚರಿಕೆ ನೀಡಿದರು.

ಮೃತರ ಕುಟುಂಬಕ್ಕೆ ರೂ.20 ಲಕ್ಷ ಪರಿಹಾರ ಸರ್ವೇ ಕಾರ್ಯದಲ್ಲಿ ಮೂವರು ಸಾವನ್ನಪ್ಪಿದ್ದಾರೆ. ಅವರ ಕುಟುಂಬಕ್ಕೆ ರೂ. 20 ಲಕ್ಷ ಪರಿಹಾರ ಕೊಡುತ್ತೇವೆ ಎಂದು ಮುಖ್ಯಮಂತ್ರಿ ತಿಳಿಸಿದರು.

ಬೆಂಗಳೂರಿನಲ್ಲಿ 6,700 ಶಿಕ್ಷಕರು: ಬೆಂಗಳೂರಿನಲ್ಲಿ 46 ಲಕ್ಷ ಮನೆಗಳಲ್ಲಿ 6,700 ಶಿಕ್ಷಕರಿದ್ದಾರೆ. ಒಟ್ಟು 27,000 ಗಣತಿದಾರರನ್ನು ನಿಯೋಜಿಸಲಾಗಿದೆ. ಇನ್ನು 10 –15 ದಿನಗಳ ಸಮೀಕ್ಷೆ ನಡೆಸಲು ಗುರಿ ನಿಗದಿಪಡಿಸಲಾಗಿದೆ. ಬೆಂಗಳೂರಿನಲ್ಲಿ ಸಹ ನಿಗದಿತ ಅವಧಿ ಒಳಗೆ ಸಮೀಕ್ಷೆ ಮುಗಿಸಲು ಸೂಚಿಸಲಾಗಿದೆ. ಶಿಕ್ಷಕರು ತರಗತಿ ನಷ್ಟ ಸರಿದೂಗಿಸುವ ನಿಟ್ಟಿನಲ್ಲಿ ಸಮೀಕ್ಷೆ ಮುಗಿಸಿದ ಬಳಿಕ ಹೆಚ್ಚುವರಿ ತರಗತಿ ನಡೆಸಬೇಕು ಎಂದು ಸಿಎಂ ತಿಳಿಸಿದರು.

ನವೆಂಬರ್ ಕ್ರಾಂತಿ ಬರೀ ಭ್ರಾಂತಿಯಷ್ಟೇ: ಸಿಎಂ ಸಿದ್ದರಾಮಯ್ಯ

ಕೊಪ್ಪಳ: ರಾಜ್ಯ ರಾಜಕಾರಣದಲ್ಲಿ ನವೆಂಬರ್ ನಲ್ಲಿ ಯಾವ ಕ್ರಾಂತಿಯೂ ಇಲ್ಲ, ಭ್ರಾಂತಿಯೂ ಇಲ್ಲ ಎಂದು ಮುಖ್ಯಮಂತ್ರಿ ಸಿದ್ದರಾಮಯ್ಯ ಅವರು ಸೋಮವಾರ ಹೇಳಿದ್ದಾರೆ.

ಕೊಪ್ಪಳದ ಬಸಾಪುರ ಲಘು ವಿಮಾನ ನಿಲ್ದಾಣದಲ್ಲಿ ಸುದ್ದಿಗಾರರೊಂದಿಗೆ ಮಾತನಾಡಿದ ಅವರು, ನವೆಂಬರ್ ನಲ್ಲಿ ಕ್ರಾಂತಿಯಾಗಲಿದೆ ಎಂಬ ಬಿಜೆಪಿ ನಾಯಕರ ಹೇಳಿಕೆಗೆ ಪ್ರತಿಕ್ರಿಯೆ ನೀಡಿದರು.

ರಾಜ್ಯ ರಾಜಕಾರಣದಲ್ಲಿ ನವೆಂಬರ್ ನಲ್ಲಿ ಯಾವ ಕಾಂತಿಯೂ ನಡೆಯಲ್ಲ. ಅವೆಲ್ಲಾ

ಭ್ರಾಂತಿಯಷ್ಟೇ ಎಂದು ಹೇಳಿದರು.

ಇದೇ ವೇಳೆ ಜಾತಿ ಸಮೀಕ್ಷೆ ಕುರಿತು ಮಾತನಾಡಿದ ಅವರು, ಜಾತಿ ಸಮೀಕ್ಷೆಯಲ್ಲಿ ಯಾರನ್ನೂ ತುಳಿಯುತ್ತಿಲ್ಲ. ರಾಜ್ಯದಲ್ಲಿ ಸಮಾಜಿಕ, ಆರ್ಥಿಕ ಗಣತಿ ಆಗಬೇಕಿದೆ. ಈ ಸಮೀಕ್ಷೆ ಮಾಡದೇ ಹೋದರೆ ನಮಗೆ ಯಾವ ದತ್ತಾಂಶ ಸಿಗಲ್ಲ. ದೇಶಕ್ಕೆ ಸ್ವಾತಂತ್ರ್ಯ ಬಂದ ಮೇಲೆ ಜನರಿಗೆ ಉದ್ಯೋಗ ಸಿಕ್ಕಿದೆಯಾ? ಶಿಕ್ಷಣ ದೊರೆತಿದೆಯಾ? ಎನ್ನುವುದನ್ನ ನಾವು ತಿಳಿಯಬೇಕಿದೆ.

ಇದನ್ನೆಲ್ಲಾ ಹೇಗೆ ತಿಳಿಯುವುದು. ಸಮೀಕ್ಷೆ ಮಾಡುವುದರಿಂದ ಈ ದತ್ತಾಂಶ

ನಮಗೆ ಸಿಗಲಿದೆ. ರಾಜ್ಯದ ಸಮಾಜಿಕ ಹಾಗೂ ಆರ್ಥಿಕ ಸ್ಥಿತಿ ಗತಿಗಳ ಅಂಕಿ ಅಂಶ ನಮಗೆ ಬೇಕಾಗಿದೆ. ನಾವು ಯಾವುದೇ ಜಾತಿಯನ್ನು ತುಳಿಯುವ ಪ್ರಶ್ನೆಯೇ ಇಲ್ಲ. ಸಮಾಜ ಸಮಾಜ ನಿರ್ಮಾಣ ನಮ್ಮ ಕೆಲಸ. ಆದರೆ, ಸಮ ಸಮಾಜ ವಿರೋಧ ಮಾಡುವವರು ಈ ಸಮೀಕ್ಷೆ ವಿರೋಧ ಮಾಡುತ್ತಿದ್ದಾರೆ ಎಂದು ತಿಳಿಸಿದರು.

ಸಮೀಕ್ಷೆ ನಾಳೆ ಸಂಜೆ ವರೆಗೂ ಏನಾಗಲಿದೆ ವಿಸ್ತಾಗಲಿದೆ ಎನ್ನುವುದು ನೋಡೋಣ. ಈಗಾಗಲೇ 1.10 ಕೋಟಿ ಸಮೀಕ್ಷೆ ಮುಗಿದಿದೆ.
